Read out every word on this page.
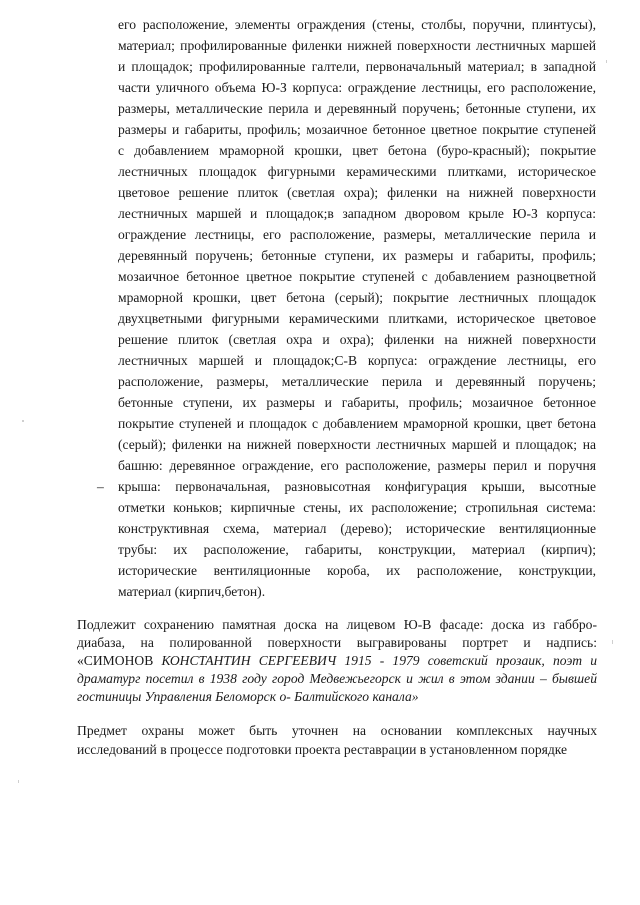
его расположение, элементы ограждения (стены, столбы, поручни, плинтусы),
материал; профилированные филенки нижней поверхности лестничных маршей
и площадок; профилированные галтели, первоначальный материал; в западной
части уличного объема Ю-З корпуса: ограждение лестницы, его расположение,
размеры, металлические перила и деревянный поручень; бетонные ступени, их
размеры и габариты, профиль; мозаичное бетонное цветное покрытие ступеней
с добавлением мраморной крошки, цвет бетона (буро-красный); покрытие
лестничных площадок фигурными керамическими плитками, историческое
цветовое решение плиток (светлая охра); филенки на нижней поверхности
лестничных маршей и площадок;в западном дворовом крыле Ю-З корпуса:
ограждение лестницы, его расположение, размеры, металлические перила и
деревянный поручень; бетонные ступени, их размеры и габариты, профиль;
мозаичное бетонное цветное покрытие ступеней с добавлением разноцветной
мраморной крошки, цвет бетона (серый); покрытие лестничных площадок
двухцветными фигурными керамическими плитками, историческое цветовое
решение плиток (светлая охра и охра); филенки на нижней поверхности
лестничных маршей и площадок;С-В корпуса: ограждение лестницы, его
расположение, размеры, металлические перила и деревянный поручень;
бетонные ступени, их размеры и габариты, профиль; мозаичное бетонное
покрытие ступеней и площадок с добавлением мраморной крошки, цвет бетона
(серый); филенки на нижней поверхности лестничных маршей и площадок; на
башню: деревянное ограждение, его расположение, размеры перил и поручня
– крыша: первоначальная, разновысотная конфигурация крыши, высотные
отметки коньков; кирпичные стены, их расположение; стропильная система:
конструктивная схема, материал (дерево); исторические вентиляционные
трубы: их расположение, габариты, конструкции, материал (кирпич);
исторические вентиляционные короба, их расположение, конструкции,
материал (кирпич,бетон).
Подлежит сохранению памятная доска на лицевом Ю-В фасаде: доска из габбро-
диабаза, на полированной поверхности выгравированы портрет и надпись:
«СИМОНОВ КОНСТАНТИН СЕРГЕЕВИЧ 1915 - 1979 советский прозаик, поэт и
драматург посетил в 1938 году город Медвежьегорск и жил в этом здании – бывшей
гостиницы Управления Беломорск о- Балтийского канала»
Предмет охраны может быть уточнен на основании комплексных научных
исследований в процессе подготовки проекта реставрации в установленном порядке
